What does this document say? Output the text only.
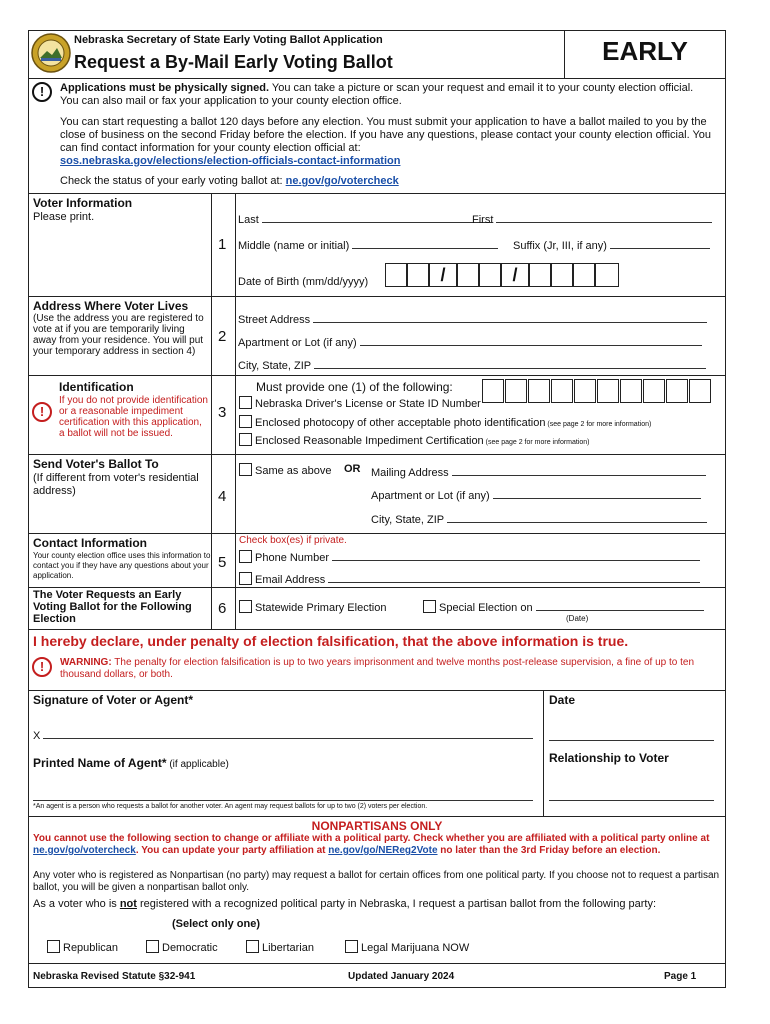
Nebraska Secretary of State Early Voting Ballot Application
Request a By-Mail Early Voting Ballot	EARLY
!	Applications must be physically signed. You can take a picture or scan your request and email it to your county election official. You can also mail or fax your application to your county election office.
You can start requesting a ballot 120 days before any election. You must submit your application to have a ballot mailed to you by the close of business on the second Friday before the election. If you have any questions, please contact your county election official. You can find contact information for your county election official at:
sos.nebraska.gov/elections/election-officials-contact-information
Check the status of your early voting ballot at: ne.gov/go/votercheck
Voter Information
Please print.
1
Last	First
Middle (name or initial)	Suffix (Jr, III, if any)
Date of Birth (mm/dd/yyyy)	/	/
Address Where Voter Lives
(Use the address you are registered to vote at if you are temporarily living away from your residence. You will put your temporary address in section 4)
2
Street Address
Apartment or Lot (if any)
City, State, ZIP
Identification
!
If you do not provide identification or a reasonable impediment certification with this application, a ballot will not be issued.
3
Must provide one (1) of the following:
Nebraska Driver's License or State ID Number
Enclosed photocopy of other acceptable photo identification (see page 2 for more information)
Enclosed Reasonable Impediment Certification (see page 2 for more information)
Send Voter's Ballot To
(If different from voter's residential address)	4
Same as above OR Mailing Address
Apartment or Lot (if any)
City, State, ZIP
Contact Information
Your county election office uses this information to contact you if they have any questions about your application.
5
Check box(es) if private.
Phone Number
Email Address
The Voter Requests an Early Voting Ballot for the Following Election
6	Statewide Primary Election	Special Election on
(Date)
I hereby declare, under penalty of election falsification, that the above information is true.
!	WARNING: The penalty for election falsification is up to two years imprisonment and twelve months post-release supervision, a fine of up to ten thousand dollars, or both.
Signature of Voter or Agent*	Date
X
Printed Name of Agent* (if applicable)	Relationship to Voter
*An agent is a person who requests a ballot for another voter. An agent may request ballots for up to two (2) voters per election.
NONPARTISANS ONLY
You cannot use the following section to change or affiliate with a political party. Check whether you are affiliated with a political party online at ne.gov/go/votercheck. You can update your party affiliation at ne.gov/go/NEReg2Vote no later than the 3rd Friday before an election.
Any voter who is registered as Nonpartisan (no party) may request a ballot for certain offices from one political party. If you choose not to request a partisan ballot, you will be given a nonpartisan ballot only.
As a voter who is not registered with a recognized political party in Nebraska, I request a partisan ballot from the following party:
(Select only one)
Republican	Democratic	Libertarian	Legal Marijuana NOW
Nebraska Revised Statute §32-941	Updated January 2024	Page 1
